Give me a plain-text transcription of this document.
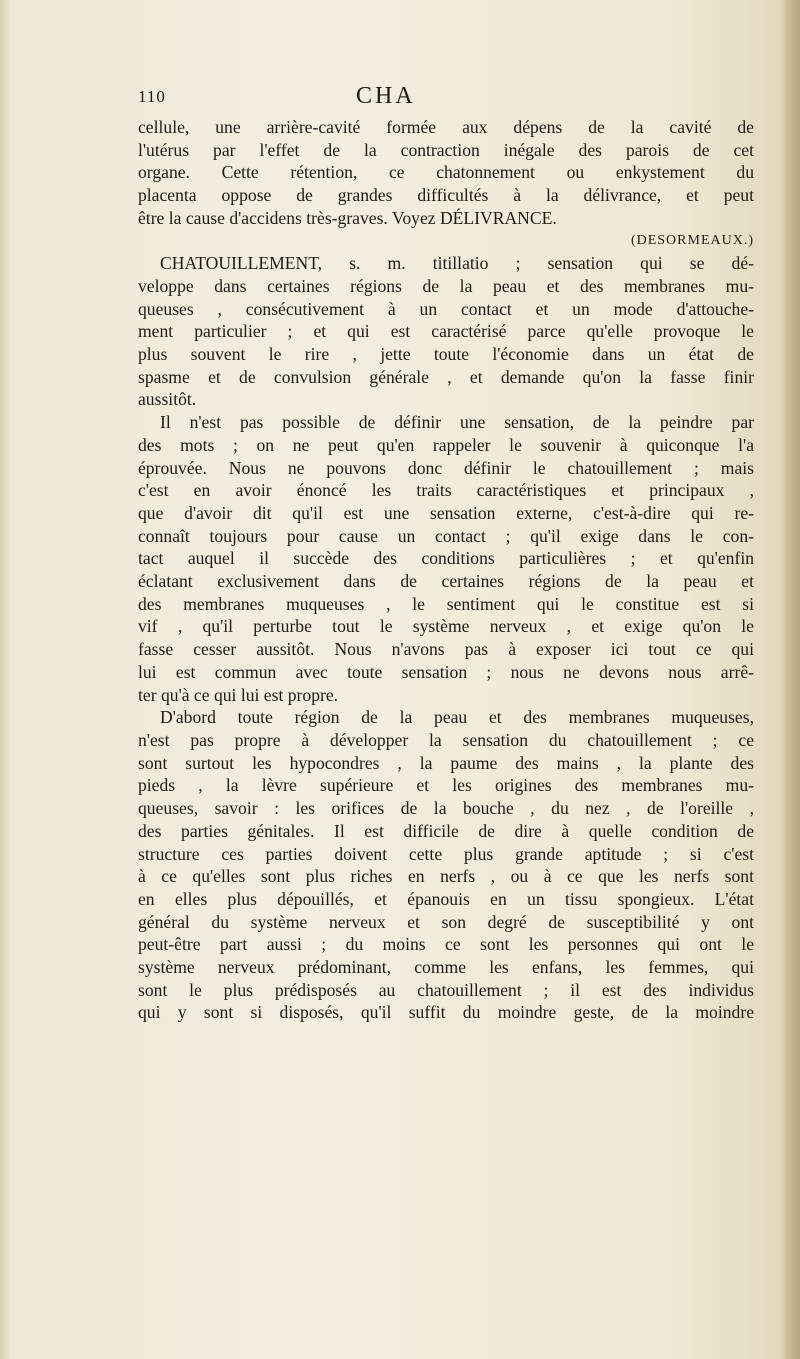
110	CHA
cellule, une arrière-cavité formée aux dépens de la cavité de
l'utérus par l'effet de la contraction inégale des parois de cet
organe. Cette rétention, ce chatonnement ou enkystement du
placenta oppose de grandes difficultés à la délivrance, et peut
être la cause d'accidens très-graves. Voyez DÉLIVRANCE.
(DESORMEAUX.)
CHATOUILLEMENT, s. m. titillatio ; sensation qui se dé-
veloppe dans certaines régions de la peau et des membranes mu-
queuses , consécutivement à un contact et un mode d'attouche-
ment particulier ; et qui est caractérisé parce qu'elle provoque le
plus souvent le rire , jette toute l'économie dans un état de
spasme et de convulsion générale , et demande qu'on la fasse finir
aussitôt.
Il n'est pas possible de définir une sensation, de la peindre par
des mots ; on ne peut qu'en rappeler le souvenir à quiconque l'a
éprouvée. Nous ne pouvons donc définir le chatouillement ; mais
c'est en avoir énoncé les traits caractéristiques et principaux ,
que d'avoir dit qu'il est une sensation externe, c'est-à-dire qui re-
connaît toujours pour cause un contact ; qu'il exige dans le con-
tact auquel il succède des conditions particulières ; et qu'enfin
éclatant exclusivement dans de certaines régions de la peau et
des membranes muqueuses , le sentiment qui le constitue est si
vif , qu'il perturbe tout le système nerveux , et exige qu'on le
fasse cesser aussitôt. Nous n'avons pas à exposer ici tout ce qui
lui est commun avec toute sensation ; nous ne devons nous arrê-
ter qu'à ce qui lui est propre.
D'abord toute région de la peau et des membranes muqueuses,
n'est pas propre à développer la sensation du chatouillement ; ce
sont surtout les hypocondres , la paume des mains , la plante des
pieds , la lèvre supérieure et les origines des membranes mu-
queuses, savoir : les orifices de la bouche , du nez , de l'oreille ,
des parties génitales. Il est difficile de dire à quelle condition de
structure ces parties doivent cette plus grande aptitude ; si c'est
à ce qu'elles sont plus riches en nerfs , ou à ce que les nerfs sont
en elles plus dépouillés, et épanouis en un tissu spongieux. L'état
général du système nerveux et son degré de susceptibilité y ont
peut-être part aussi ; du moins ce sont les personnes qui ont le
système nerveux prédominant, comme les enfans, les femmes, qui
sont le plus prédisposés au chatouillement ; il est des individus
qui y sont si disposés, qu'il suffit du moindre geste, de la moindre
